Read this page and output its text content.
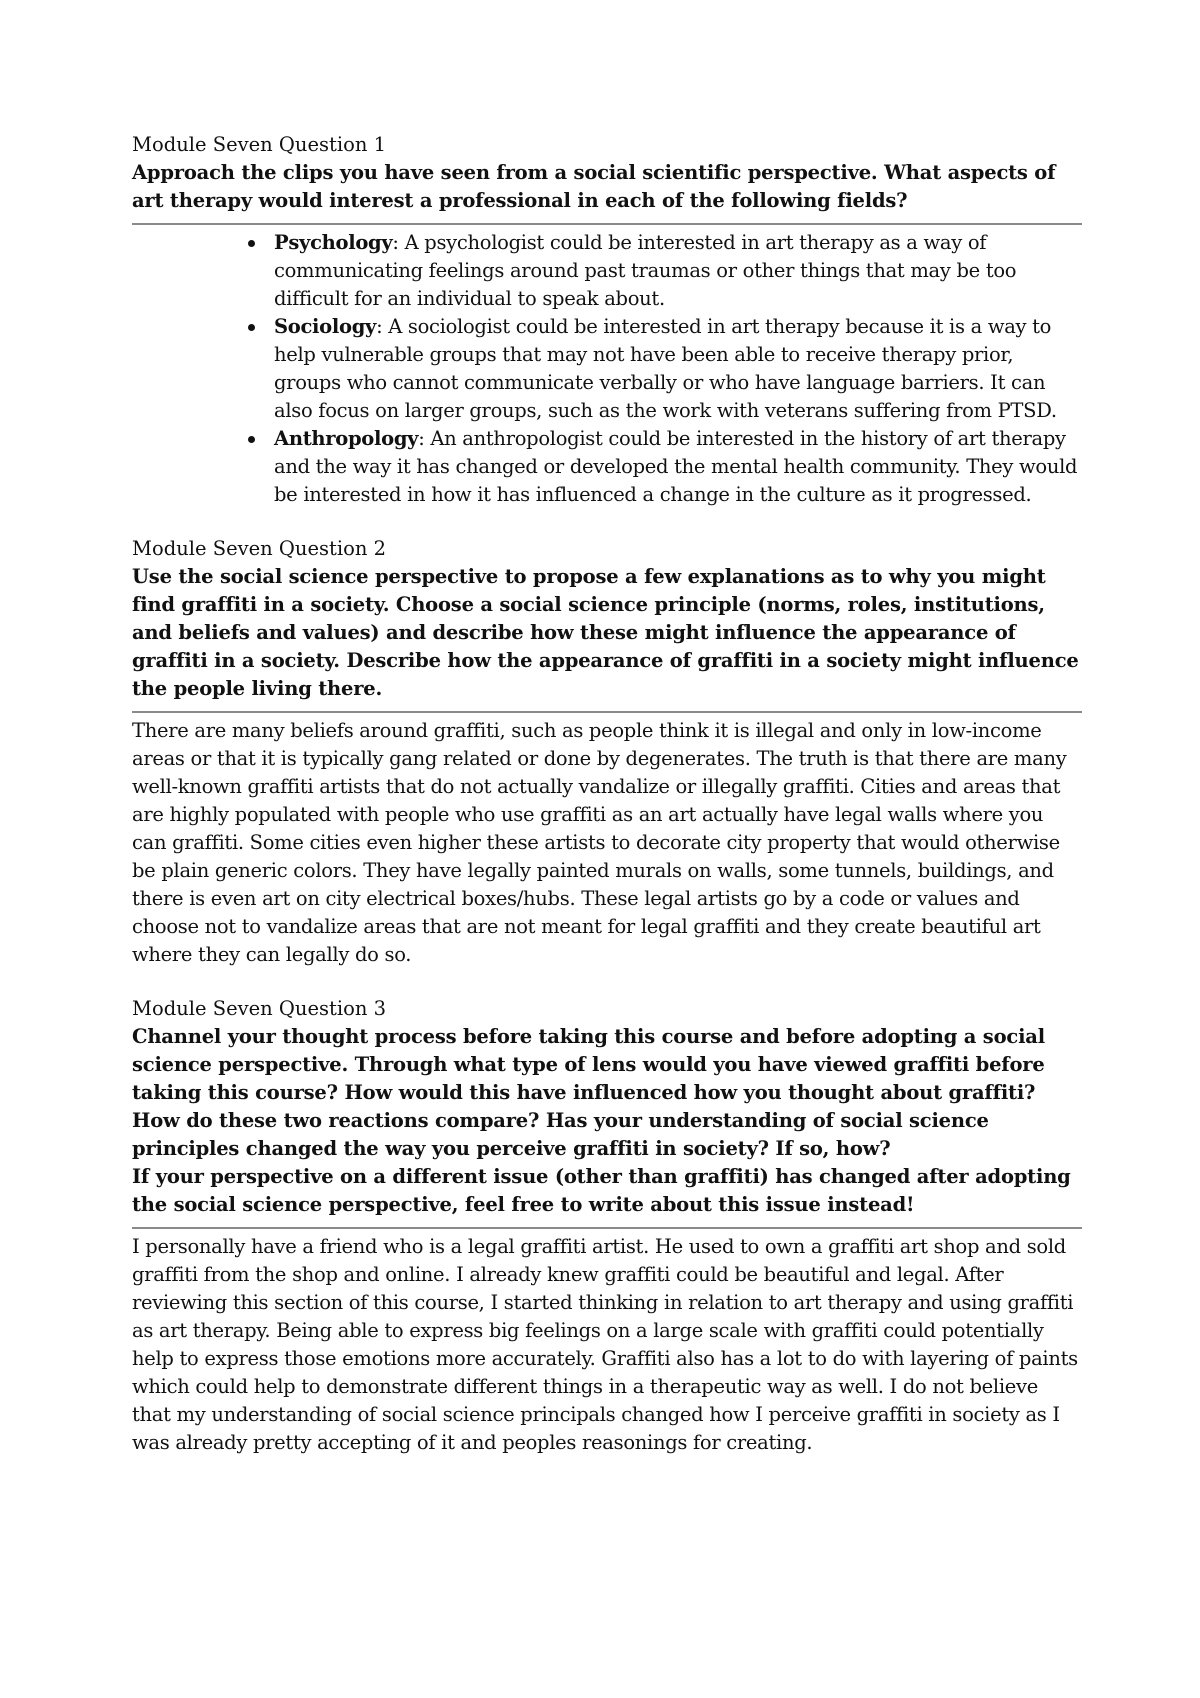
Module Seven Question 1

Approach the clips you have seen from a social scientific perspective. What aspects of art therapy would interest a professional in each of the following fields?

Psychology: A psychologist could be interested in art therapy as a way of communicating feelings around past traumas or other things that may be too difficult for an individual to speak about.
Sociology: A sociologist could be interested in art therapy because it is a way to help vulnerable groups that may not have been able to receive therapy prior, groups who cannot communicate verbally or who have language barriers. It can also focus on larger groups, such as the work with veterans suffering from PTSD.
Anthropology: An anthropologist could be interested in the history of art therapy and the way it has changed or developed the mental health community. They would be interested in how it has influenced a change in the culture as it progressed.

Module Seven Question 2

Use the social science perspective to propose a few explanations as to why you might find graffiti in a society. Choose a social science principle (norms, roles, institutions, and beliefs and values) and describe how these might influence the appearance of graffiti in a society. Describe how the appearance of graffiti in a society might influence the people living there.

There are many beliefs around graffiti, such as people think it is illegal and only in low-income areas or that it is typically gang related or done by degenerates. The truth is that there are many well-known graffiti artists that do not actually vandalize or illegally graffiti. Cities and areas that are highly populated with people who use graffiti as an art actually have legal walls where you can graffiti. Some cities even higher these artists to decorate city property that would otherwise be plain generic colors. They have legally painted murals on walls, some tunnels, buildings, and there is even art on city electrical boxes/hubs. These legal artists go by a code or values and choose not to vandalize areas that are not meant for legal graffiti and they create beautiful art where they can legally do so.

Module Seven Question 3

Channel your thought process before taking this course and before adopting a social science perspective. Through what type of lens would you have viewed graffiti before taking this course? How would this have influenced how you thought about graffiti? How do these two reactions compare? Has your understanding of social science principles changed the way you perceive graffiti in society? If so, how?

If your perspective on a different issue (other than graffiti) has changed after adopting the social science perspective, feel free to write about this issue instead!

I personally have a friend who is a legal graffiti artist. He used to own a graffiti art shop and sold graffiti from the shop and online. I already knew graffiti could be beautiful and legal. After reviewing this section of this course, I started thinking in relation to art therapy and using graffiti as art therapy. Being able to express big feelings on a large scale with graffiti could potentially help to express those emotions more accurately. Graffiti also has a lot to do with layering of paints which could help to demonstrate different things in a therapeutic way as well. I do not believe that my understanding of social science principals changed how I perceive graffiti in society as I was already pretty accepting of it and peoples reasonings for creating.
